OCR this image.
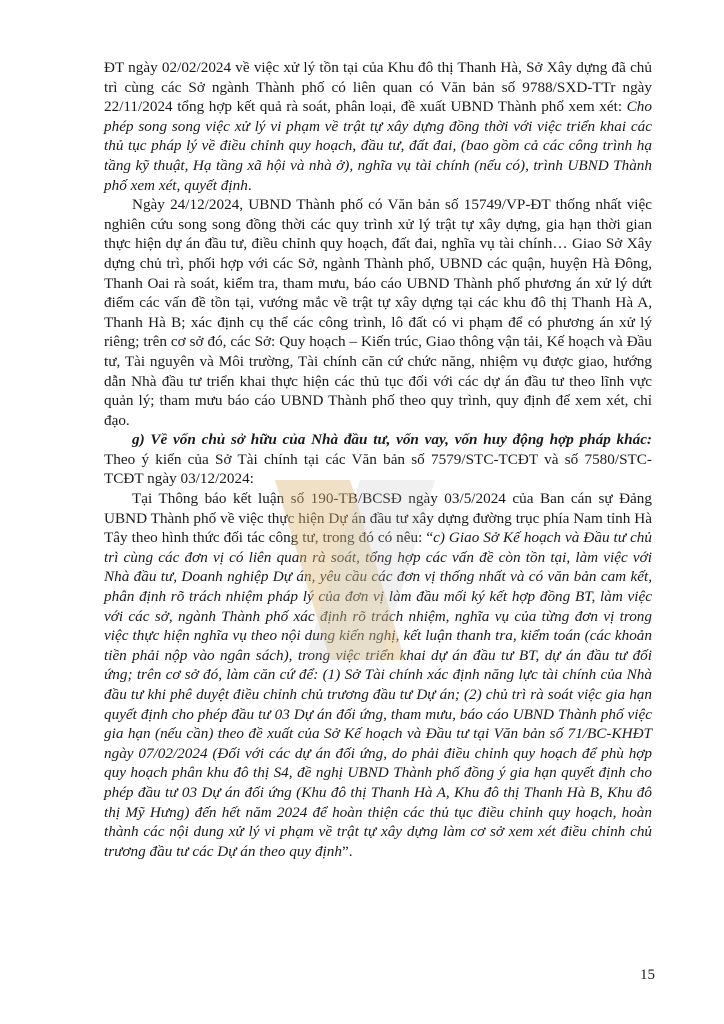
ĐT ngày 02/02/2024 về việc xử lý tồn tại của Khu đô thị Thanh Hà, Sở Xây dựng đã chủ trì cùng các Sở ngành Thành phố có liên quan có Văn bản số 9788/SXD-TTr ngày 22/11/2024 tổng hợp kết quả rà soát, phân loại, đề xuất UBND Thành phố xem xét: Cho phép song song việc xử lý vi phạm về trật tự xây dựng đồng thời với việc triển khai các thủ tục pháp lý về điều chỉnh quy hoạch, đầu tư, đất đai, (bao gồm cả các công trình hạ tầng kỹ thuật, Hạ tầng xã hội và nhà ở), nghĩa vụ tài chính (nếu có), trình UBND Thành phố xem xét, quyết định.

Ngày 24/12/2024, UBND Thành phố có Văn bản số 15749/VP-ĐT thống nhất việc nghiên cứu song song đồng thời các quy trình xử lý trật tự xây dựng, gia hạn thời gian thực hiện dự án đầu tư, điều chỉnh quy hoạch, đất đai, nghĩa vụ tài chính… Giao Sở Xây dựng chủ trì, phối hợp với các Sở, ngành Thành phố, UBND các quận, huyện Hà Đông, Thanh Oai rà soát, kiểm tra, tham mưu, báo cáo UBND Thành phố phương án xử lý dứt điểm các vấn đề tồn tại, vướng mắc về trật tự xây dựng tại các khu đô thị Thanh Hà A, Thanh Hà B; xác định cụ thể các công trình, lô đất có vi phạm để có phương án xử lý riêng; trên cơ sở đó, các Sở: Quy hoạch – Kiến trúc, Giao thông vận tải, Kế hoạch và Đầu tư, Tài nguyên và Môi trường, Tài chính căn cứ chức năng, nhiệm vụ được giao, hướng dẫn Nhà đầu tư triển khai thực hiện các thủ tục đối với các dự án đầu tư theo lĩnh vực quản lý; tham mưu báo cáo UBND Thành phố theo quy trình, quy định để xem xét, chỉ đạo.

g) Về vốn chủ sở hữu của Nhà đầu tư, vốn vay, vốn huy động hợp pháp khác: Theo ý kiến của Sở Tài chính tại các Văn bản số 7579/STC-TCĐT và số 7580/STC-TCĐT ngày 03/12/2024:

Tại Thông báo kết luận số 190-TB/BCSĐ ngày 03/5/2024 của Ban cán sự Đảng UBND Thành phố về việc thực hiện Dự án đầu tư xây dựng đường trục phía Nam tỉnh Hà Tây theo hình thức đối tác công tư, trong đó có nêu: “c) Giao Sở Kế hoạch và Đầu tư chủ trì cùng các đơn vị có liên quan rà soát, tổng hợp các vấn đề còn tồn tại, làm việc với Nhà đầu tư, Doanh nghiệp Dự án, yêu cầu các đơn vị thống nhất và có văn bản cam kết, phân định rõ trách nhiệm pháp lý của đơn vị làm đầu mối ký kết hợp đồng BT, làm việc với các sở, ngành Thành phố xác định rõ trách nhiệm, nghĩa vụ của từng đơn vị trong việc thực hiện nghĩa vụ theo nội dung kiến nghị, kết luận thanh tra, kiểm toán (các khoản tiền phải nộp vào ngân sách), trong việc triển khai dự án đầu tư BT, dự án đầu tư đối ứng; trên cơ sở đó, làm căn cứ để: (1) Sở Tài chính xác định năng lực tài chính của Nhà đầu tư khi phê duyệt điều chỉnh chủ trương đầu tư Dự án; (2) chủ trì rà soát việc gia hạn quyết định cho phép đầu tư 03 Dự án đối ứng, tham mưu, báo cáo UBND Thành phố việc gia hạn (nếu cần) theo đề xuất của Sở Kế hoạch và Đầu tư tại Văn bản số 71/BC-KHĐT ngày 07/02/2024 (Đối với các dự án đối ứng, do phải điều chỉnh quy hoạch để phù hợp quy hoạch phân khu đô thị S4, đề nghị UBND Thành phố đồng ý gia hạn quyết định cho phép đầu tư 03 Dự án đối ứng (Khu đô thị Thanh Hà A, Khu đô thị Thanh Hà B, Khu đô thị Mỹ Hưng) đến hết năm 2024 để hoàn thiện các thủ tục điều chỉnh quy hoạch, hoàn thành các nội dung xử lý vi phạm về trật tự xây dựng làm cơ sở xem xét điều chỉnh chủ trương đầu tư các Dự án theo quy định”.

15
